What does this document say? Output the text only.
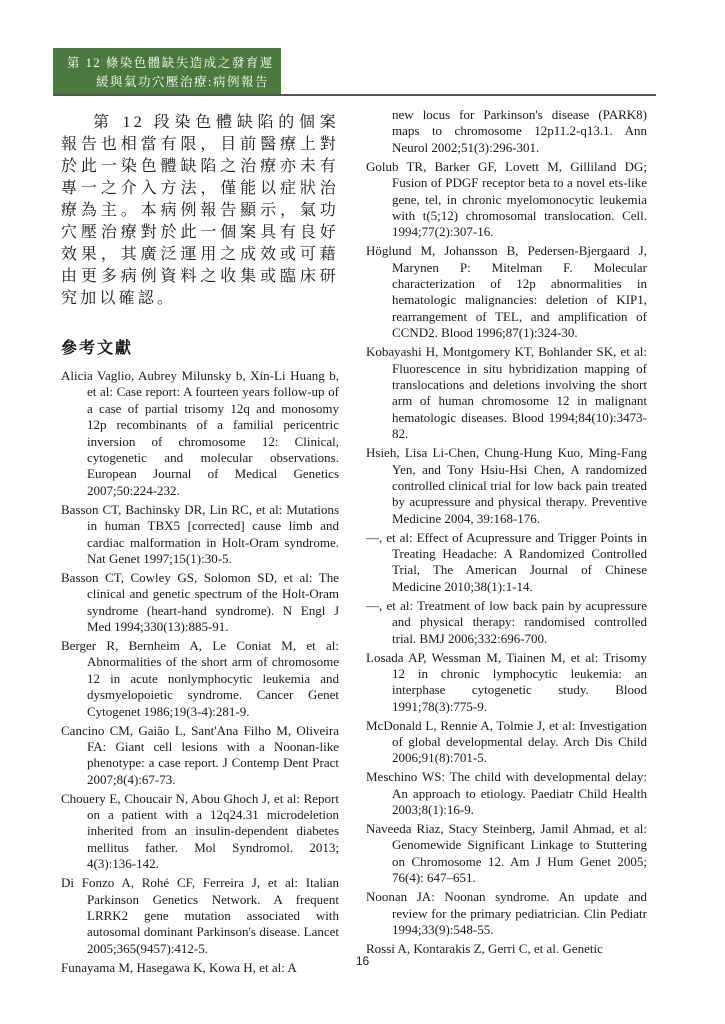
第 12 條染色體缺失造成之發育遲
緩與氣功穴壓治療:病例報告

第 12 段染色體缺陷的個案報告也相當有限，目前醫療上對於此一染色體缺陷之治療亦未有專一之介入方法，僅能以症狀治療為主。本病例報告顯示，氣功穴壓治療對於此一個案具有良好效果，其廣泛運用之成效或可藉由更多病例資料之收集或臨床研究加以確認。

參考文獻

Alicia Vaglio, Aubrey Milunsky b, Xin-Li Huang b, et al: Case report: A fourteen years follow-up of a case of partial trisomy 12q and monosomy 12p recombinants of a familial pericentric inversion of chromosome 12: Clinical, cytogenetic and molecular observations. European Journal of Medical Genetics 2007;50:224-232.

Basson CT, Bachinsky DR, Lin RC, et al: Mutations in human TBX5 [corrected] cause limb and cardiac malformation in Holt-Oram syndrome. Nat Genet 1997;15(1):30-5.

Basson CT, Cowley GS, Solomon SD, et al: The clinical and genetic spectrum of the Holt-Oram syndrome (heart-hand syndrome). N Engl J Med 1994;330(13):885-91.

Berger R, Bernheim A, Le Coniat M, et al: Abnormalities of the short arm of chromosome 12 in acute nonlymphocytic leukemia and dysmyelopoietic syndrome. Cancer Genet Cytogenet 1986;19(3-4):281-9.

Cancino CM, Gaião L, Sant'Ana Filho M, Oliveira FA: Giant cell lesions with a Noonan-like phenotype: a case report. J Contemp Dent Pract 2007;8(4):67-73.

Chouery E, Choucair N, Abou Ghoch J, et al: Report on a patient with a 12q24.31 microdeletion inherited from an insulin-dependent diabetes mellitus father. Mol Syndromol. 2013; 4(3):136-142.

Di Fonzo A, Rohé CF, Ferreira J, et al: Italian Parkinson Genetics Network. A frequent LRRK2 gene mutation associated with autosomal dominant Parkinson's disease. Lancet 2005;365(9457):412-5.

Funayama M, Hasegawa K, Kowa H, et al: A

new locus for Parkinson's disease (PARK8) maps to chromosome 12p11.2-q13.1. Ann Neurol 2002;51(3):296-301.

Golub TR, Barker GF, Lovett M, Gilliland DG; Fusion of PDGF receptor beta to a novel ets-like gene, tel, in chronic myelomonocytic leukemia with t(5;12) chromosomal translocation. Cell. 1994;77(2):307-16.

Höglund M, Johansson B, Pedersen-Bjergaard J, Marynen P: Mitelman F. Molecular characterization of 12p abnormalities in hematologic malignancies: deletion of KIP1, rearrangement of TEL, and amplification of CCND2. Blood 1996;87(1):324-30.

Kobayashi H, Montgomery KT, Bohlander SK, et al: Fluorescence in situ hybridization mapping of translocations and deletions involving the short arm of human chromosome 12 in malignant hematologic diseases. Blood 1994;84(10):3473-82.

Hsieh, Lisa Li-Chen, Chung-Hung Kuo, Ming-Fang Yen, and Tony Hsiu-Hsi Chen, A randomized controlled clinical trial for low back pain treated by acupressure and physical therapy. Preventive Medicine 2004, 39:168-176.

—, et al: Effect of Acupressure and Trigger Points in Treating Headache: A Randomized Controlled Trial, The American Journal of Chinese Medicine 2010;38(1):1-14.

—, et al: Treatment of low back pain by acupressure and physical therapy: randomised controlled trial. BMJ 2006;332:696-700.

Losada AP, Wessman M, Tiainen M, et al: Trisomy 12 in chronic lymphocytic leukemia: an interphase cytogenetic study. Blood 1991;78(3):775-9.

McDonald L, Rennie A, Tolmie J, et al: Investigation of global developmental delay. Arch Dis Child 2006;91(8):701-5.

Meschino WS: The child with developmental delay: An approach to etiology. Paediatr Child Health 2003;8(1):16-9.

Naveeda Riaz, Stacy Steinberg, Jamil Ahmad, et al: Genomewide Significant Linkage to Stuttering on Chromosome 12. Am J Hum Genet 2005; 76(4): 647–651.

Noonan JA: Noonan syndrome. An update and review for the primary pediatrician. Clin Pediatr 1994;33(9):548-55.

Rossi A, Kontarakis Z, Gerri C, et al. Genetic

16
